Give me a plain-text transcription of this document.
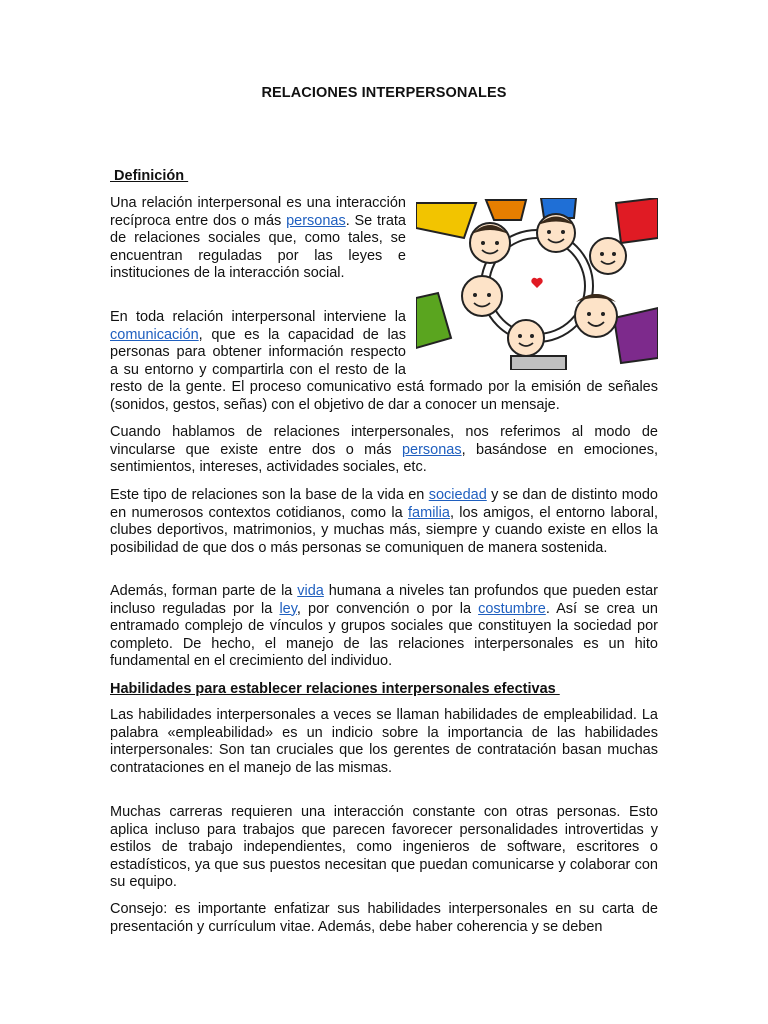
RELACIONES INTERPERSONALES
Definición

Una relación interpersonal es una interacción recíproca entre dos o más personas. Se trata de relaciones sociales que, como tales, se encuentran reguladas por las leyes e instituciones de la interacción social.

En toda relación interpersonal interviene la comunicación, que es la capacidad de las personas para obtener información respecto a su entorno y compartirla con el resto de la

resto de la gente. El proceso comunicativo está formado por la emisión de señales (sonidos, gestos, señas) con el objetivo de dar a conocer un mensaje.

Cuando hablamos de relaciones interpersonales, nos referimos al modo de vincularse que existe entre dos o más personas, basándose en emociones, sentimientos, intereses, actividades sociales, etc.

Este tipo de relaciones son la base de la vida en sociedad y se dan de distinto modo en numerosos contextos cotidianos, como la familia, los amigos, el entorno laboral, clubes deportivos, matrimonios, y muchas más, siempre y cuando existe en ellos la posibilidad de que dos o más personas se comuniquen de manera sostenida.

Además, forman parte de la vida humana a niveles tan profundos que pueden estar incluso reguladas por la ley, por convención o por la costumbre. Así se crea un entramado complejo de vínculos y grupos sociales que constituyen la sociedad por completo. De hecho, el manejo de las relaciones interpersonales es un hito fundamental en el crecimiento del individuo.

Habilidades para establecer relaciones interpersonales efectivas

Las habilidades interpersonales a veces se llaman habilidades de empleabilidad. La palabra «empleabilidad» es un indicio sobre la importancia de las habilidades interpersonales: Son tan cruciales que los gerentes de contratación basan muchas contrataciones en el manejo de las mismas.

Muchas carreras requieren una interacción constante con otras personas. Esto aplica incluso para trabajos que parecen favorecer personalidades introvertidas y estilos de trabajo independientes, como ingenieros de software, escritores o estadísticos, ya que sus puestos necesitan que puedan comunicarse y colaborar con su equipo.

Consejo: es importante enfatizar sus habilidades interpersonales en su carta de presentación y currículum vitae. Además, debe haber coherencia y se deben
